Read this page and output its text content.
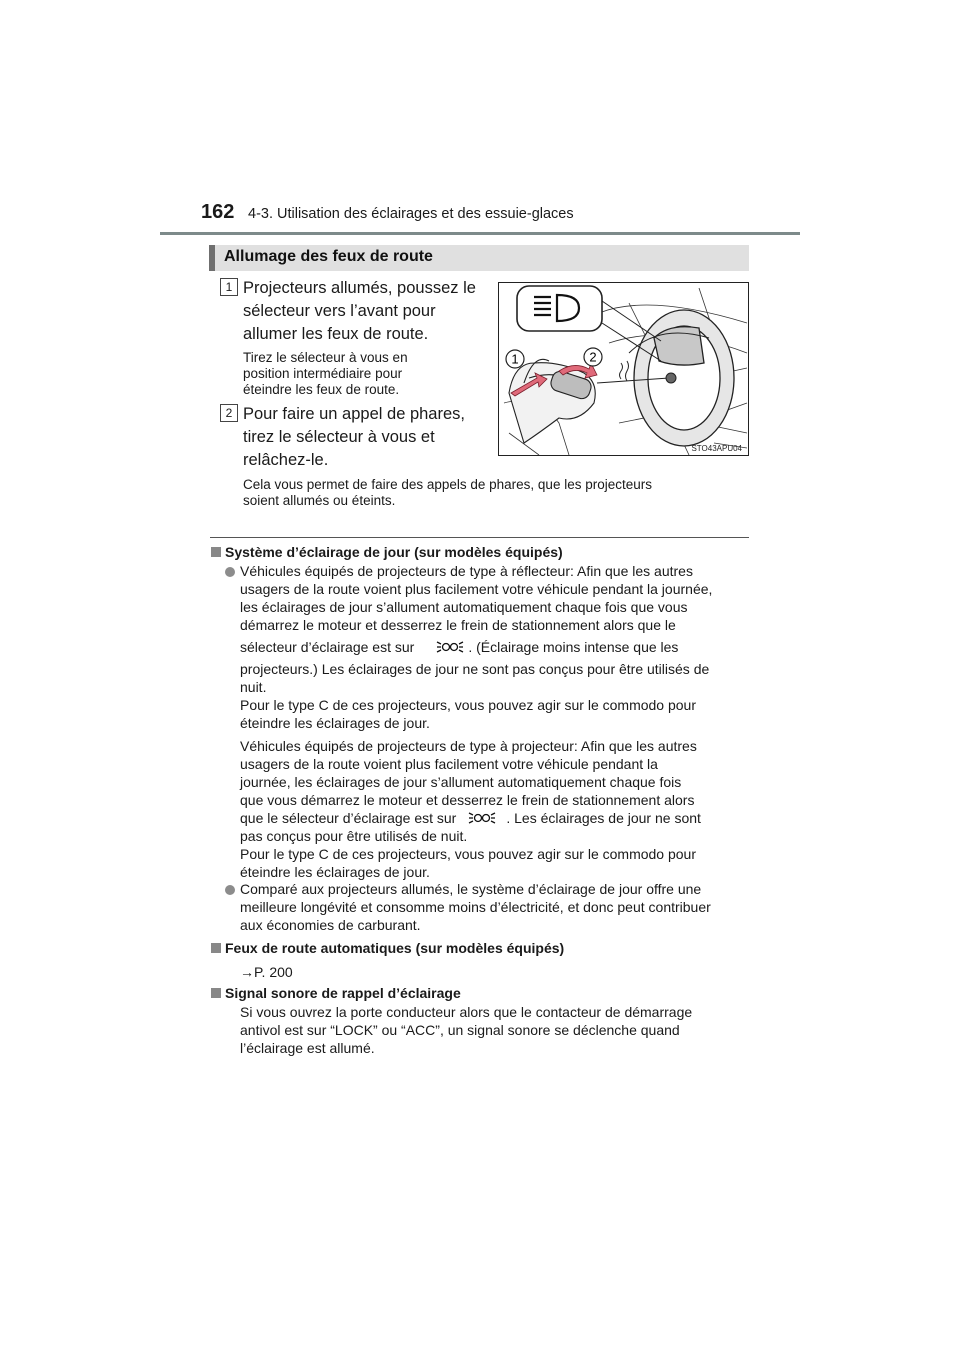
162 4-3. Utilisation des éclairages et des essuie-glaces
Allumage des feux de route
1 Projecteurs allumés, poussez le
sélecteur vers l’avant pour
allumer les feux de route.
Tirez le sélecteur à vous en
position intermédiaire pour
éteindre les feux de route.
2 Pour faire un appel de phares,
tirez le sélecteur à vous et
relâchez-le.
Cela vous permet de faire des appels de phares, que les projecteurs
soient allumés ou éteints.
1	2
STO43APU04
Système d’éclairage de jour (sur modèles équipés)
Véhicules équipés de projecteurs de type à réflecteur: Afin que les autres
usagers de la route voient plus facilement votre véhicule pendant la journée,
les éclairages de jour s’allument automatiquement chaque fois que vous
démarrez le moteur et desserrez le frein de stationnement alors que le
sélecteur d’éclairage est sur	. (Éclairage moins intense que les
projecteurs.) Les éclairages de jour ne sont pas conçus pour être utilisés de
nuit.
Pour le type C de ces projecteurs, vous pouvez agir sur le commodo pour
éteindre les éclairages de jour.
Véhicules équipés de projecteurs de type à projecteur: Afin que les autres
usagers de la route voient plus facilement votre véhicule pendant la
journée, les éclairages de jour s’allument automatiquement chaque fois
que vous démarrez le moteur et desserrez le frein de stationnement alors
que le sélecteur d’éclairage est sur	. Les éclairages de jour ne sont
pas conçus pour être utilisés de nuit.
Pour le type C de ces projecteurs, vous pouvez agir sur le commodo pour
éteindre les éclairages de jour.
Comparé aux projecteurs allumés, le système d’éclairage de jour offre une
meilleure longévité et consomme moins d’électricité, et donc peut contribuer
aux économies de carburant.
Feux de route automatiques (sur modèles équipés)
→P. 200
Signal sonore de rappel d’éclairage
Si vous ouvrez la porte conducteur alors que le contacteur de démarrage
antivol est sur “LOCK” ou “ACC”, un signal sonore se déclenche quand
l’éclairage est allumé.
